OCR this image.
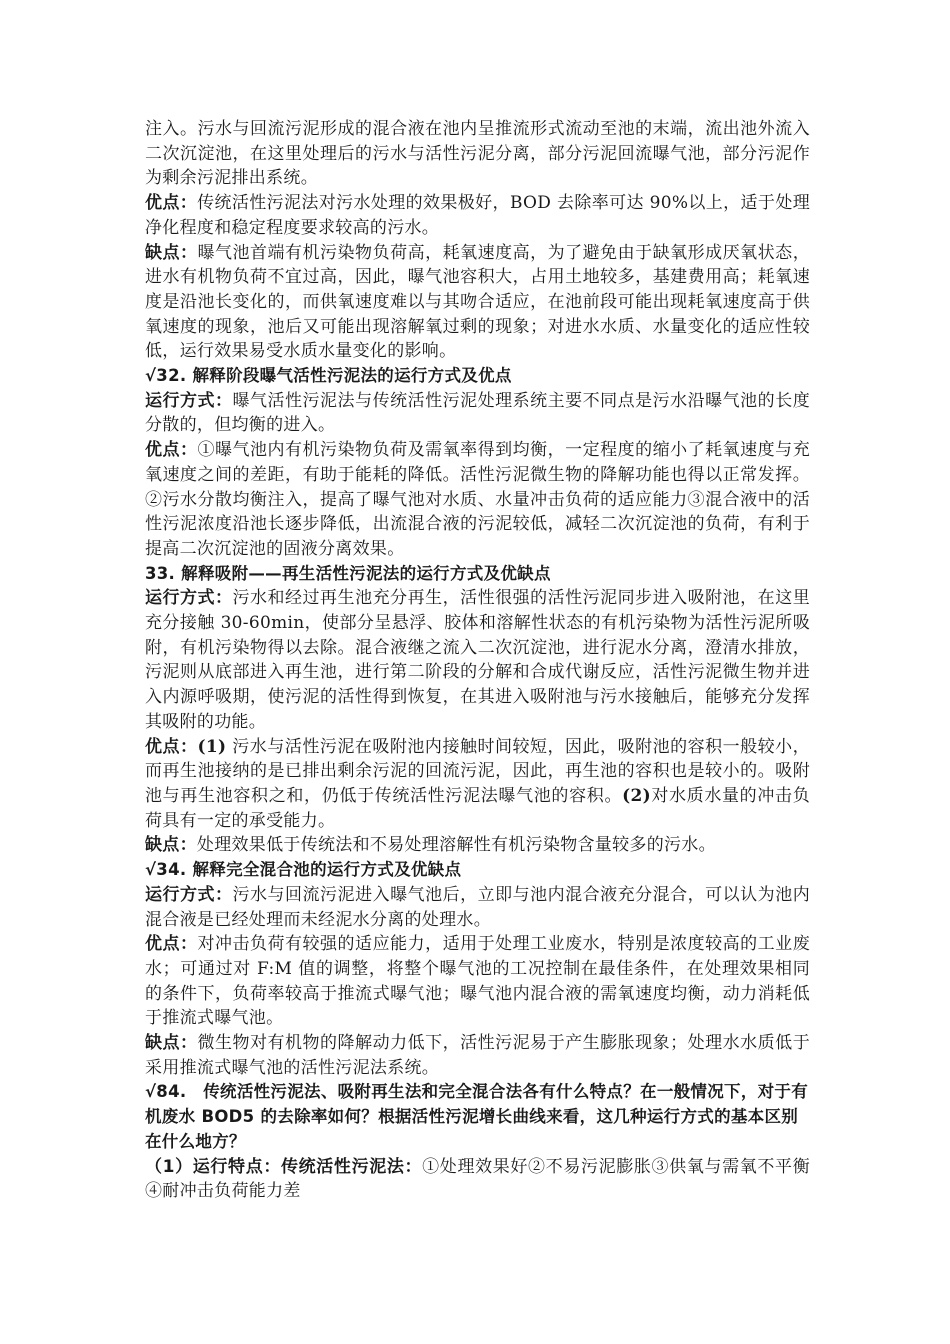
注入。污水与回流污泥形成的混合液在池内呈推流形式流动至池的末端，流出池外流入二次沉淀池，在这里处理后的污水与活性污泥分离，部分污泥回流曝气池，部分污泥作为剩余污泥排出系统。

优点：传统活性污泥法对污水处理的效果极好，BOD 去除率可达 90%以上，适于处理净化程度和稳定程度要求较高的污水。

缺点：曝气池首端有机污染物负荷高，耗氧速度高，为了避免由于缺氧形成厌氧状态，进水有机物负荷不宜过高，因此，曝气池容积大，占用土地较多，基建费用高；耗氧速度是沿池长变化的，而供氧速度难以与其吻合适应，在池前段可能出现耗氧速度高于供氧速度的现象，池后又可能出现溶解氧过剩的现象；对进水水质、水量变化的适应性较低，运行效果易受水质水量变化的影响。

√32. 解释阶段曝气活性污泥法的运行方式及优点

运行方式：曝气活性污泥法与传统活性污泥处理系统主要不同点是污水沿曝气池的长度分散的，但均衡的进入。

优点：①曝气池内有机污染物负荷及需氧率得到均衡，一定程度的缩小了耗氧速度与充氧速度之间的差距，有助于能耗的降低。活性污泥微生物的降解功能也得以正常发挥。②污水分散均衡注入，提高了曝气池对水质、水量冲击负荷的适应能力③混合液中的活性污泥浓度沿池长逐步降低，出流混合液的污泥较低，减轻二次沉淀池的负荷，有利于提高二次沉淀池的固液分离效果。

33. 解释吸附——再生活性污泥法的运行方式及优缺点

运行方式：污水和经过再生池充分再生，活性很强的活性污泥同步进入吸附池，在这里充分接触 30-60min，使部分呈悬浮、胶体和溶解性状态的有机污染物为活性污泥所吸附，有机污染物得以去除。混合液继之流入二次沉淀池，进行泥水分离，澄清水排放，污泥则从底部进入再生池，进行第二阶段的分解和合成代谢反应，活性污泥微生物并进入内源呼吸期，使污泥的活性得到恢复，在其进入吸附池与污水接触后，能够充分发挥其吸附的功能。

优点：(1) 污水与活性污泥在吸附池内接触时间较短，因此，吸附池的容积一般较小，而再生池接纳的是已排出剩余污泥的回流污泥，因此，再生池的容积也是较小的。吸附池与再生池容积之和，仍低于传统活性污泥法曝气池的容积。(2)对水质水量的冲击负荷具有一定的承受能力。

缺点：处理效果低于传统法和不易处理溶解性有机污染物含量较多的污水。

√34. 解释完全混合池的运行方式及优缺点

运行方式：污水与回流污泥进入曝气池后，立即与池内混合液充分混合，可以认为池内混合液是已经处理而未经泥水分离的处理水。

优点：对冲击负荷有较强的适应能力，适用于处理工业废水，特别是浓度较高的工业废水；可通过对 F:M 值的调整，将整个曝气池的工况控制在最佳条件，在处理效果相同的条件下，负荷率较高于推流式曝气池；曝气池内混合液的需氧速度均衡，动力消耗低于推流式曝气池。

缺点：微生物对有机物的降解动力低下，活性污泥易于产生膨胀现象；处理水水质低于采用推流式曝气池的活性污泥法系统。

√84.　传统活性污泥法、吸附再生法和完全混合法各有什么特点？在一般情况下，对于有机废水 BOD5 的去除率如何？根据活性污泥增长曲线来看，这几种运行方式的基本区别在什么地方？

（1）运行特点：传统活性污泥法：①处理效果好②不易污泥膨胀③供氧与需氧不平衡④耐冲击负荷能力差
